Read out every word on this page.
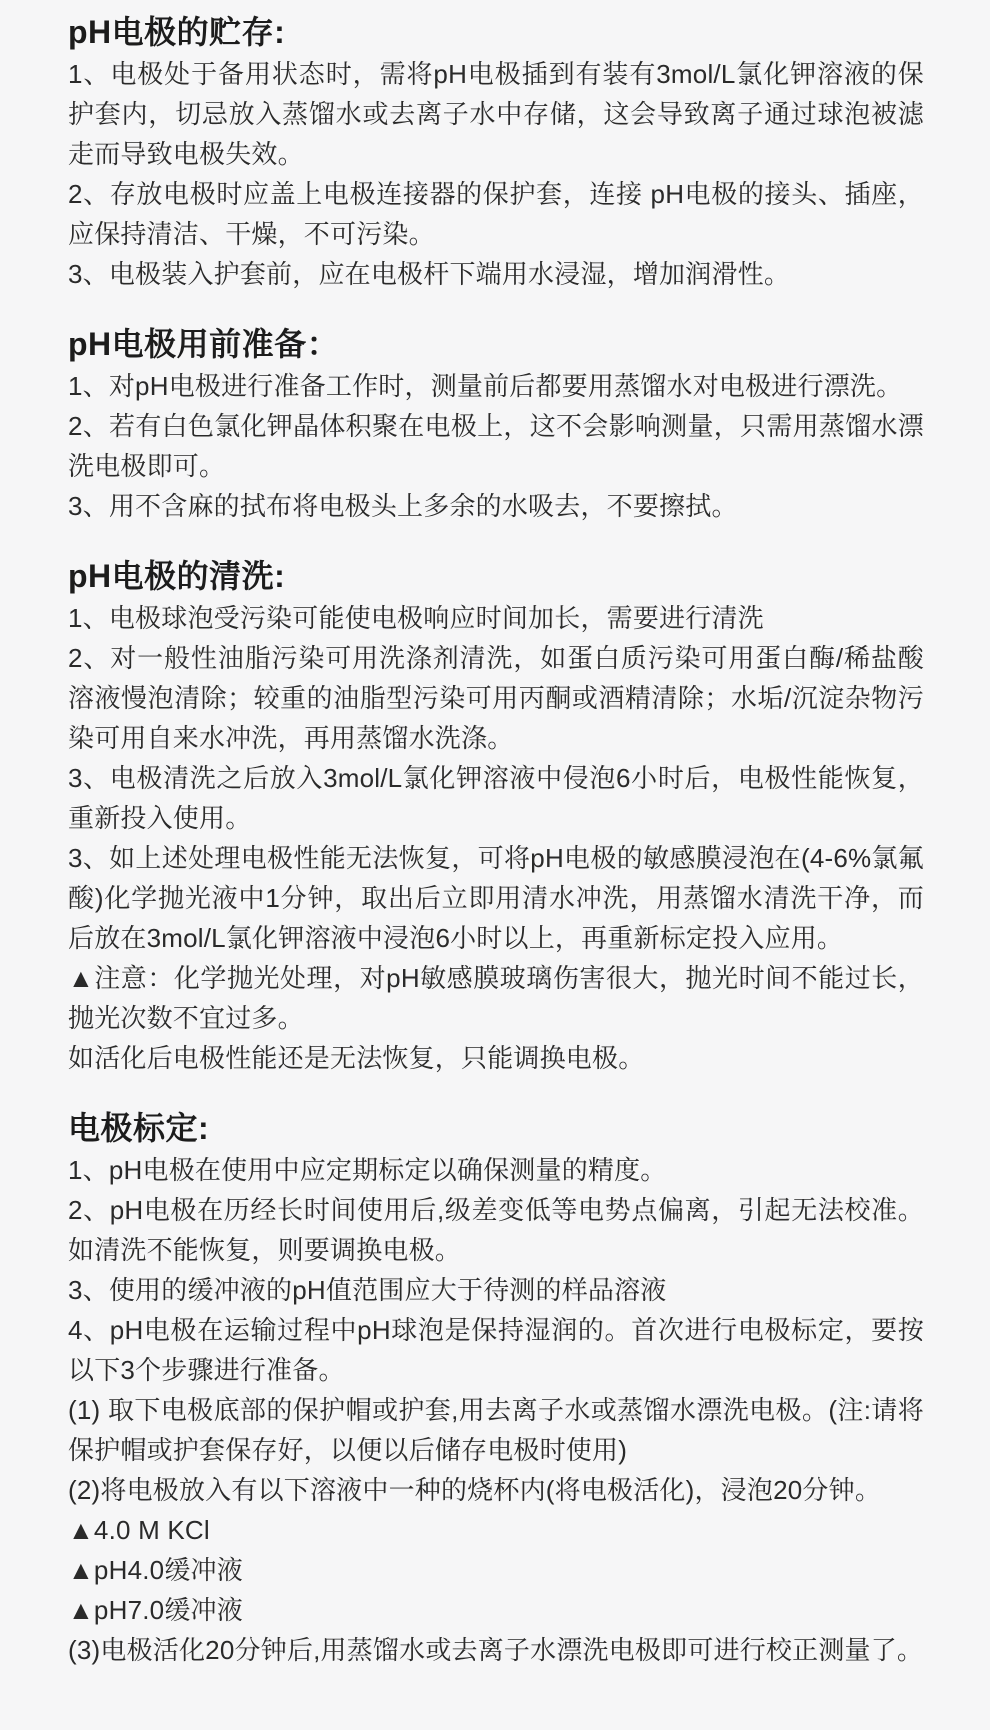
pH电极的贮存:

1、电极处于备用状态时，需将pH电极插到有装有3mol/L氯化钾溶液的保护套内，切忌放入蒸馏水或去离子水中存储，这会导致离子通过球泡被滤走而导致电极失效。

2、存放电极时应盖上电极连接器的保护套，连接 pH电极的接头、插座，应保持清洁、干燥，不可污染。

3、电极装入护套前，应在电极杆下端用水浸湿，增加润滑性。

pH电极用前准备：

1、对pH电极进行准备工作时，测量前后都要用蒸馏水对电极进行漂洗。

2、若有白色氯化钾晶体积聚在电极上，这不会影响测量，只需用蒸馏水漂洗电极即可。

3、用不含麻的拭布将电极头上多余的水吸去，不要擦拭。

pH电极的清洗:

1、电极球泡受污染可能使电极响应时间加长，需要进行清洗

2、对一般性油脂污染可用洗涤剂清洗，如蛋白质污染可用蛋白酶/稀盐酸溶液慢泡清除；较重的油脂型污染可用丙酮或酒精清除；水垢/沉淀杂物污染可用自来水冲洗，再用蒸馏水洗涤。

3、电极清洗之后放入3mol/L氯化钾溶液中侵泡6小时后，电极性能恢复，重新投入使用。

3、如上述处理电极性能无法恢复，可将pH电极的敏感膜浸泡在(4-6%氯氟酸)化学抛光液中1分钟，取出后立即用清水冲洗，用蒸馏水清洗干净，而后放在3mol/L氯化钾溶液中浸泡6小时以上，再重新标定投入应用。

▲注意：化学抛光处理，对pH敏感膜玻璃伤害很大，抛光时间不能过长，抛光次数不宜过多。

如活化后电极性能还是无法恢复，只能调换电极。

电极标定:

1、pH电极在使用中应定期标定以确保测量的精度。

2、pH电极在历经长时间使用后,级差变低等电势点偏离，引起无法校准。如清洗不能恢复，则要调换电极。

3、使用的缓冲液的pH值范围应大于待测的样品溶液

4、pH电极在运输过程中pH球泡是保持湿润的。首次进行电极标定，要按以下3个步骤进行准备。

(1) 取下电极底部的保护帽或护套,用去离子水或蒸馏水漂洗电极。(注:请将保护帽或护套保存好，以便以后储存电极时使用)

(2)将电极放入有以下溶液中一种的烧杯内(将电极活化)，浸泡20分钟。

▲4.0 M KCl

▲pH4.0缓冲液

▲pH7.0缓冲液

(3)电极活化20分钟后,用蒸馏水或去离子水漂洗电极即可进行校正测量了。
